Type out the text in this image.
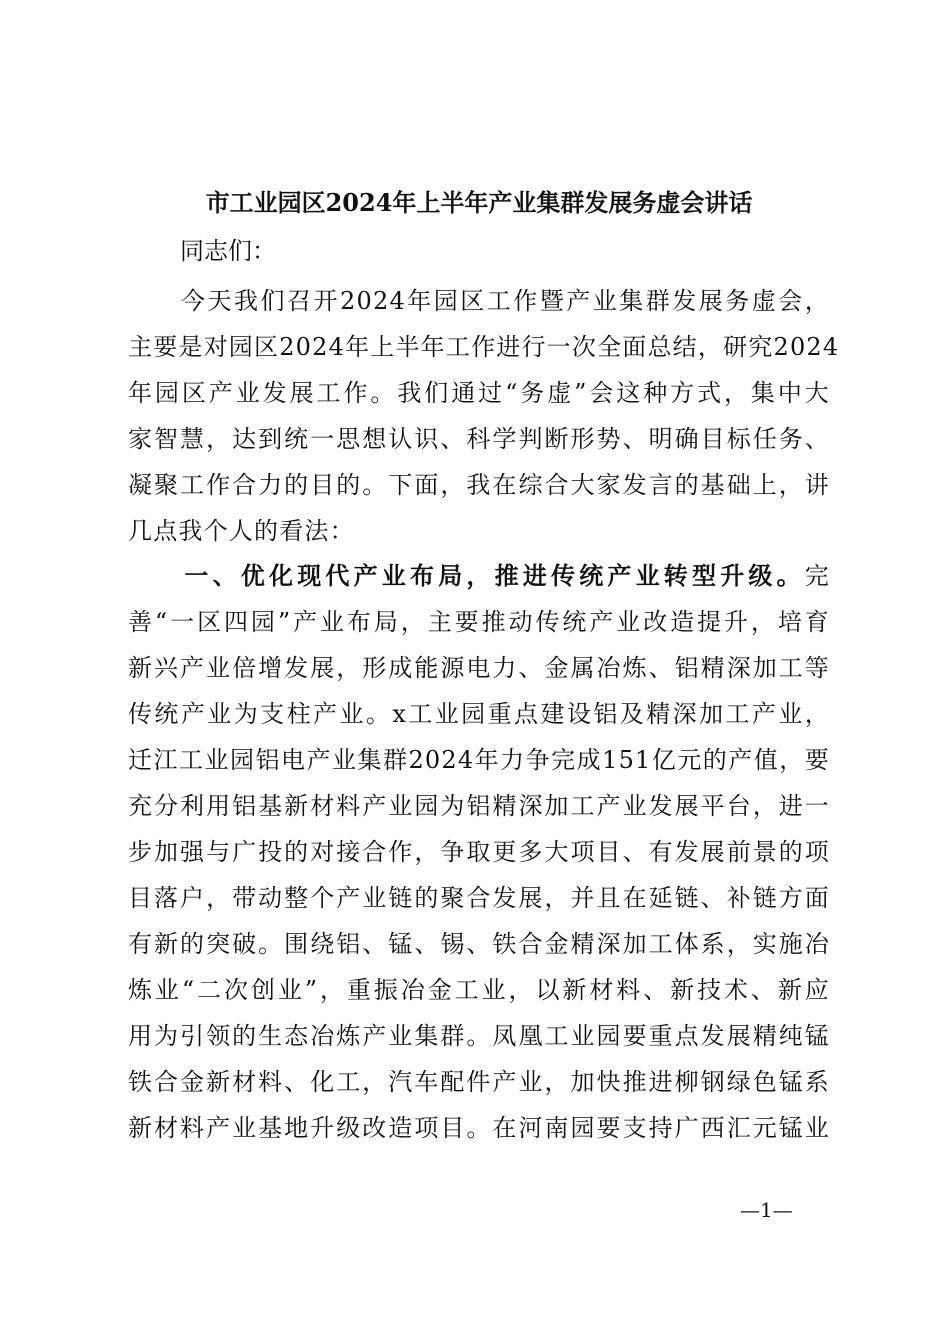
市工业园区2024年上半年产业集群发展务虚会讲话
同志们：
　　今天我们召开2024年园区工作暨产业集群发展务虚会，
主要是对园区2024年上半年工作进行一次全面总结，研究2024
年园区产业发展工作。我们通过“务虚”会这种方式，集中大
家智慧，达到统一思想认识、科学判断形势、明确目标任务、
凝聚工作合力的目的。下面，我在综合大家发言的基础上，讲
几点我个人的看法：
　　一、优化现代产业布局，推进传统产业转型升级。完
善“一区四园”产业布局，主要推动传统产业改造提升，培育
新兴产业倍增发展，形成能源电力、金属冶炼、铝精深加工等
传统产业为支柱产业。x工业园重点建设铝及精深加工产业，
迁江工业园铝电产业集群2024年力争完成151亿元的产值，要
充分利用铝基新材料产业园为铝精深加工产业发展平台，进一
步加强与广投的对接合作，争取更多大项目、有发展前景的项
目落户，带动整个产业链的聚合发展，并且在延链、补链方面
有新的突破。围绕铝、锰、锡、铁合金精深加工体系，实施冶
炼业“二次创业”，重振冶金工业，以新材料、新技术、新应
用为引领的生态冶炼产业集群。凤凰工业园要重点发展精纯锰
铁合金新材料、化工，汽车配件产业，加快推进柳钢绿色锰系
新材料产业基地升级改造项目。在河南园要支持广西汇元锰业
—1—
